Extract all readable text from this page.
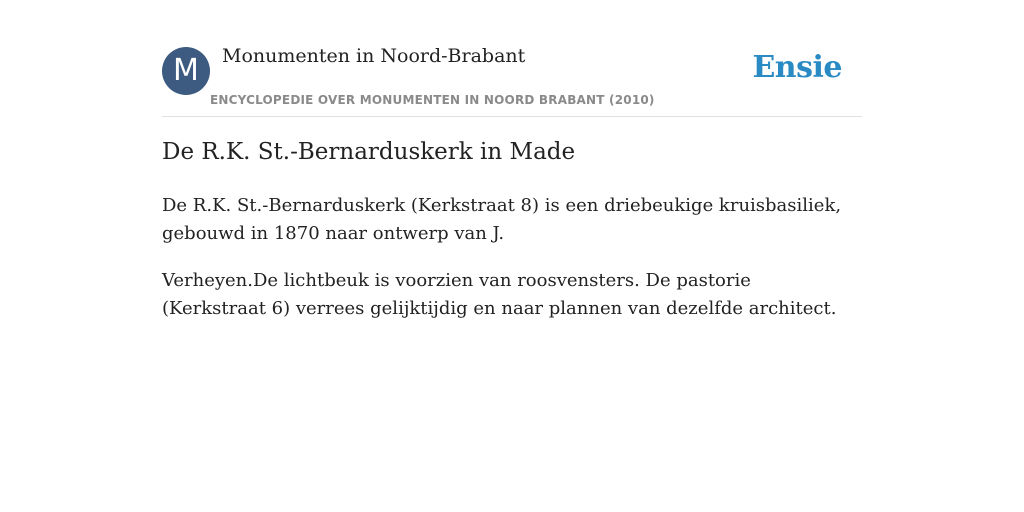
M	Monumenten in Noord-Brabant
ENCYCLOPEDIE OVER MONUMENTEN IN NOORD BRABANT (2010)
Ensie
De R.K. St.-Bernarduskerk in Made

De R.K. St.-Bernarduskerk (Kerkstraat 8) is een driebeukige kruisbasiliek, gebouwd in 1870 naar ontwerp van J.

Verheyen.De lichtbeuk is voorzien van roosvensters. De pastorie (Kerkstraat 6) verrees gelijktijdig en naar plannen van dezelfde architect.
